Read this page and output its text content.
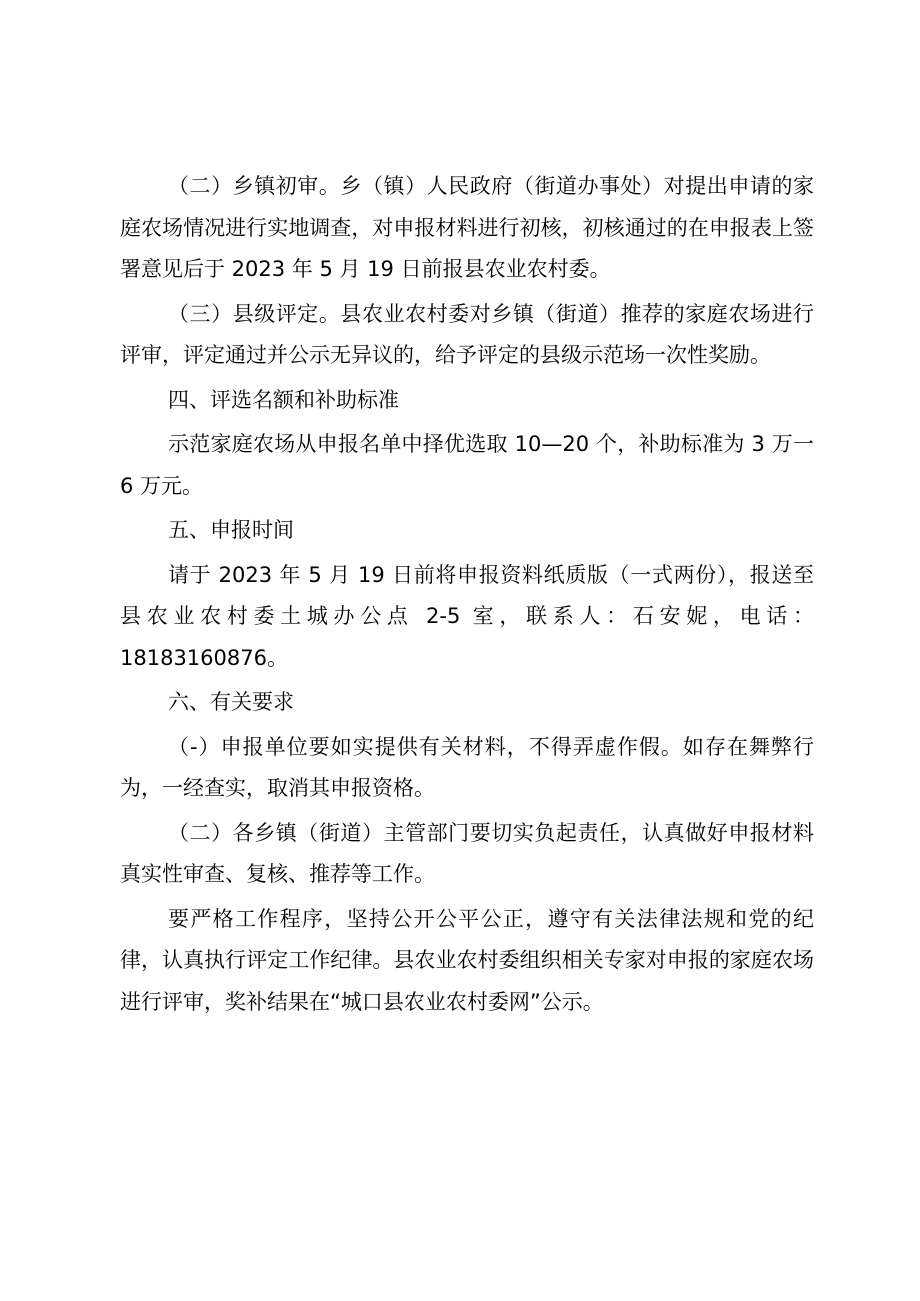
（二）乡镇初审。乡（镇）人民政府（街道办事处）对提出申请的家庭农场情况进行实地调查，对申报材料进行初核，初核通过的在申报表上签署意见后于 2023 年 5 月 19 日前报县农业农村委。

（三）县级评定。县农业农村委对乡镇（街道）推荐的家庭农场进行评审，评定通过并公示无异议的，给予评定的县级示范场一次性奖励。

四、评选名额和补助标准

示范家庭农场从申报名单中择优选取 10—20 个，补助标准为 3 万一 6 万元。

五、申报时间

请于 2023 年 5 月 19 日前将申报资料纸质版（一式两份），报送至县农业农村委土城办公点 2-5 室，联系人：石安妮，电话：18183160876。

六、有关要求

（-）申报单位要如实提供有关材料，不得弄虚作假。如存在舞弊行为，一经查实，取消其申报资格。

（二）各乡镇（街道）主管部门要切实负起责任，认真做好申报材料真实性审查、复核、推荐等工作。

要严格工作程序，坚持公开公平公正，遵守有关法律法规和党的纪律，认真执行评定工作纪律。县农业农村委组织相关专家对申报的家庭农场进行评审，奖补结果在“城口县农业农村委网”公示。
